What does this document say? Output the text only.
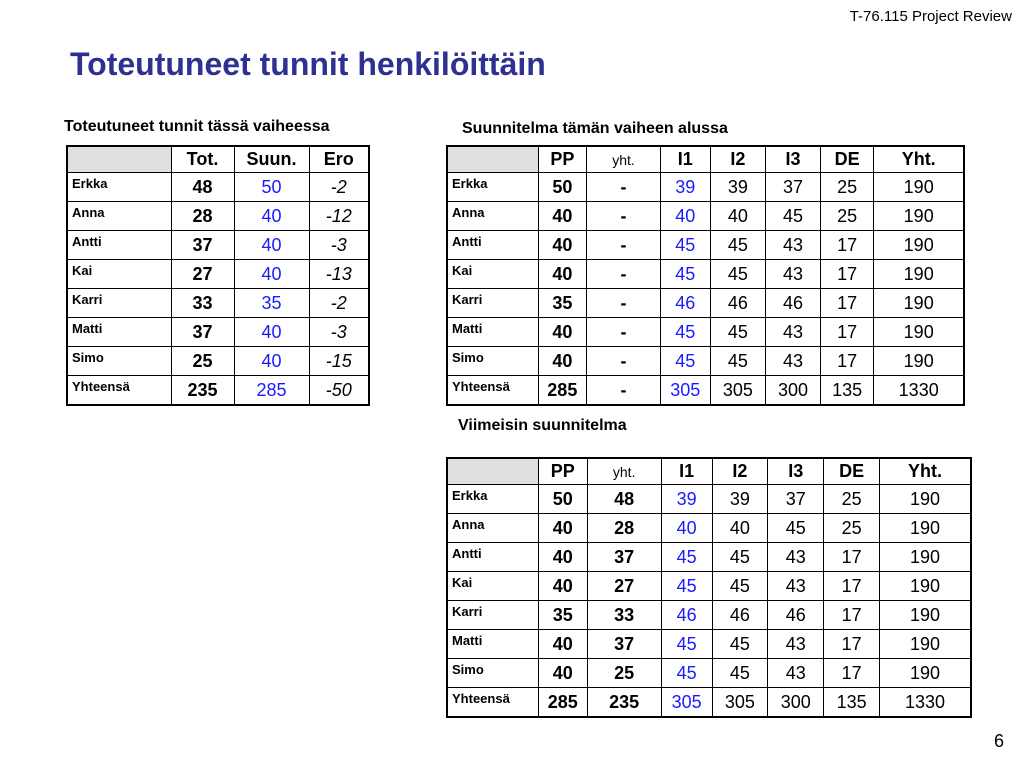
T-76.115 Project Review
Toteutuneet tunnit henkilöittäin
Toteutuneet tunnit tässä vaiheessa
	Tot.	Suun.	Ero
Erkka	48	50	-2
Anna	28	40	-12
Antti	37	40	-3
Kai	27	40	-13
Karri	33	35	-2
Matti	37	40	-3
Simo	25	40	-15
Yhteensä	235	285	-50
Suunnitelma tämän vaiheen alussa
	PP	yht.	I1	I2	I3	DE	Yht.
Erkka	50	-	39	39	37	25	190
Anna	40	-	40	40	45	25	190
Antti	40	-	45	45	43	17	190
Kai	40	-	45	45	43	17	190
Karri	35	-	46	46	46	17	190
Matti	40	-	45	45	43	17	190
Simo	40	-	45	45	43	17	190
Yhteensä	285	-	305	305	300	135	1330
Viimeisin suunnitelma
	PP	yht.	I1	I2	I3	DE	Yht.
Erkka	50	48	39	39	37	25	190
Anna	40	28	40	40	45	25	190
Antti	40	37	45	45	43	17	190
Kai	40	27	45	45	43	17	190
Karri	35	33	46	46	46	17	190
Matti	40	37	45	45	43	17	190
Simo	40	25	45	45	43	17	190
Yhteensä	285	235	305	305	300	135	1330
6
